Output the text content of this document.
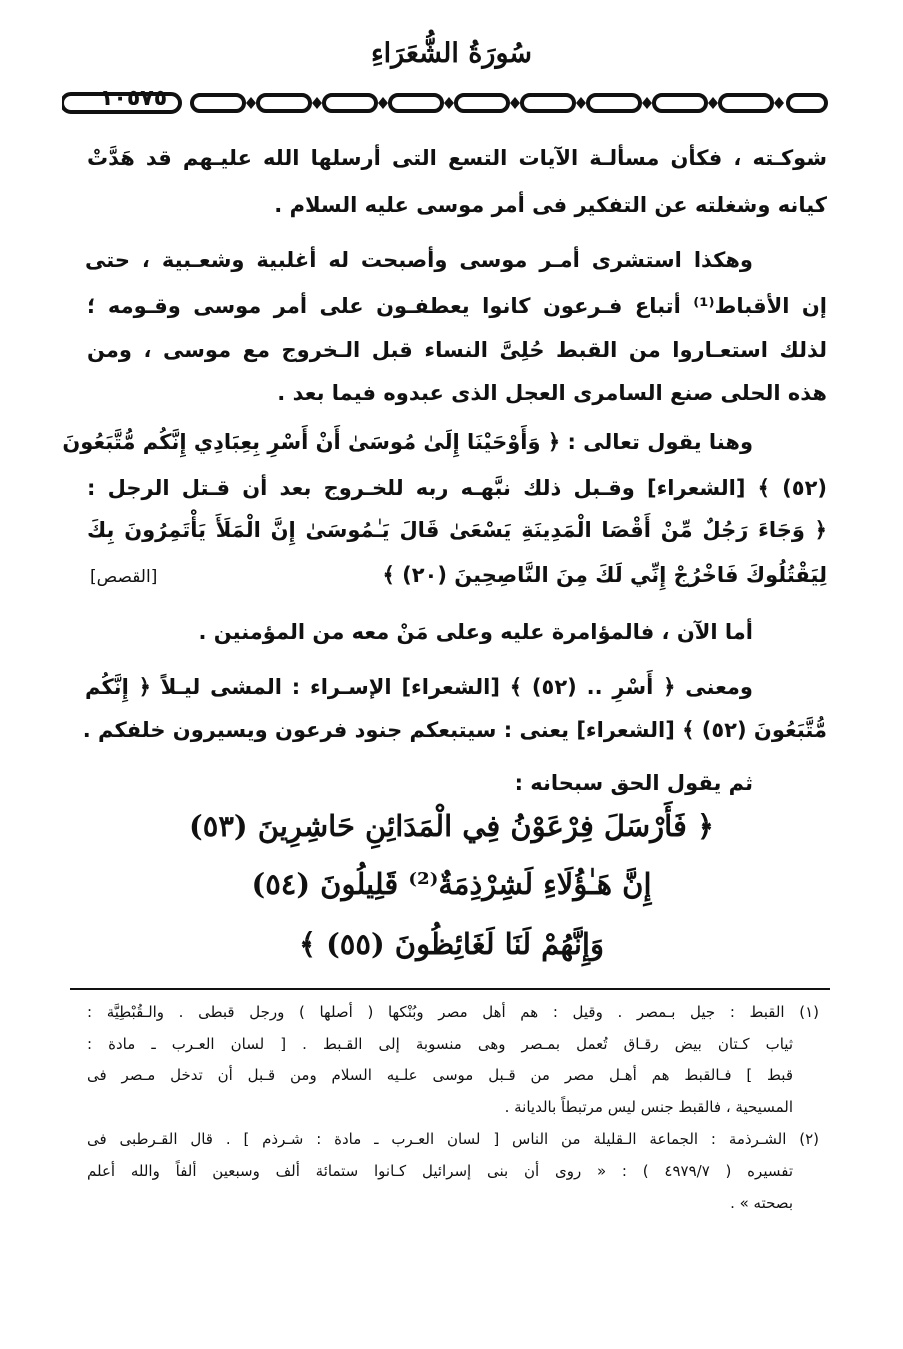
سُورَةُ الشُّعَرَاءِ
١٠٥٧٥
شوكـته ، فكأن مسألـة الآيات التسع التى أرسلها الله عليـهم قد هَدَّتْ
كيانه وشغلته عن التفكير فى أمر موسى عليه السلام .
وهكذا استشرى أمـر موسى وأصبحت له أغلبية وشعـبية ، حتى
إن الأقباط⁽¹⁾ أتباع فـرعون كانوا يعطفـون على أمر موسى وقـومه ؛
لذلك استعـاروا من القبط حُلِىَّ النساء قبل الـخروج مع موسى ، ومن
هذه الحلى صنع السامرى العجل الذى عبدوه فيما بعد .
وهنا يقول تعالى : ﴿ وَأَوْحَيْنَا إِلَىٰ مُوسَىٰ أَنْ أَسْرِ بِعِبَادِي إِنَّكُم مُّتَّبَعُونَ
(٥٢) ﴾ [الشعراء] وقـبل ذلك نبَّهـه ربه للخـروج بعد أن قـتل الرجل :
﴿ وَجَاءَ رَجُلٌ مِّنْ أَقْصَا الْمَدِينَةِ يَسْعَىٰ قَالَ يَـٰمُوسَىٰ إِنَّ الْمَلَأَ يَأْتَمِرُونَ بِكَ
لِيَقْتُلُوكَ فَاخْرُجْ إِنِّي لَكَ مِنَ النَّاصِحِينَ (٢٠) ﴾
[القصص]
أما الآن ، فالمؤامرة عليه وعلى مَنْ معه من المؤمنين .
ومعنى ﴿ أَسْرِ .. (٥٢) ﴾ [الشعراء] الإسـراء : المشى ليـلاً ﴿ إِنَّكُم
مُّتَّبَعُونَ (٥٢) ﴾ [الشعراء] يعنى : سيتبعكم جنود فرعون ويسيرون خلفكم .
ثم يقول الحق سبحانه :
﴿ فَأَرْسَلَ فِرْعَوْنُ فِي الْمَدَائِنِ حَاشِرِينَ (٥٣)
إِنَّ هَـٰؤُلَاءِ لَشِرْذِمَةٌ⁽²⁾ قَلِيلُونَ (٥٤)
وَإِنَّهُمْ لَنَا لَغَائِظُونَ (٥٥) ﴾
(١) القبط : جيل بـمصر . وقيل : هم أهل مصر وبُنْكها ( أصلها ) ورجل قبطى . والـقُبْطِيَّة :
ثياب كـتان بيض رقـاق تُعمل بمـصر وهى منسوبة إلى القـبط . [ لسان العـرب ـ مادة :
قبط ] فـالقبط هم أهـل مصر من قـبل موسى علـيه السلام ومن قـبل أن تدخل مـصر فى
المسيحية ، فالقبط جنس ليس مرتبطاً بالديانة .
(٢) الشـرذمة : الجماعة الـقليلة من الناس [ لسان العـرب ـ مادة : شـرذم ] . قال القـرطبى فى
تفسيره ( ٤٩٧٩/٧ ) : « روى أن بنى إسرائيل كـانوا ستمائة ألف وسبعين ألفاً والله أعلم
بصحته » .
